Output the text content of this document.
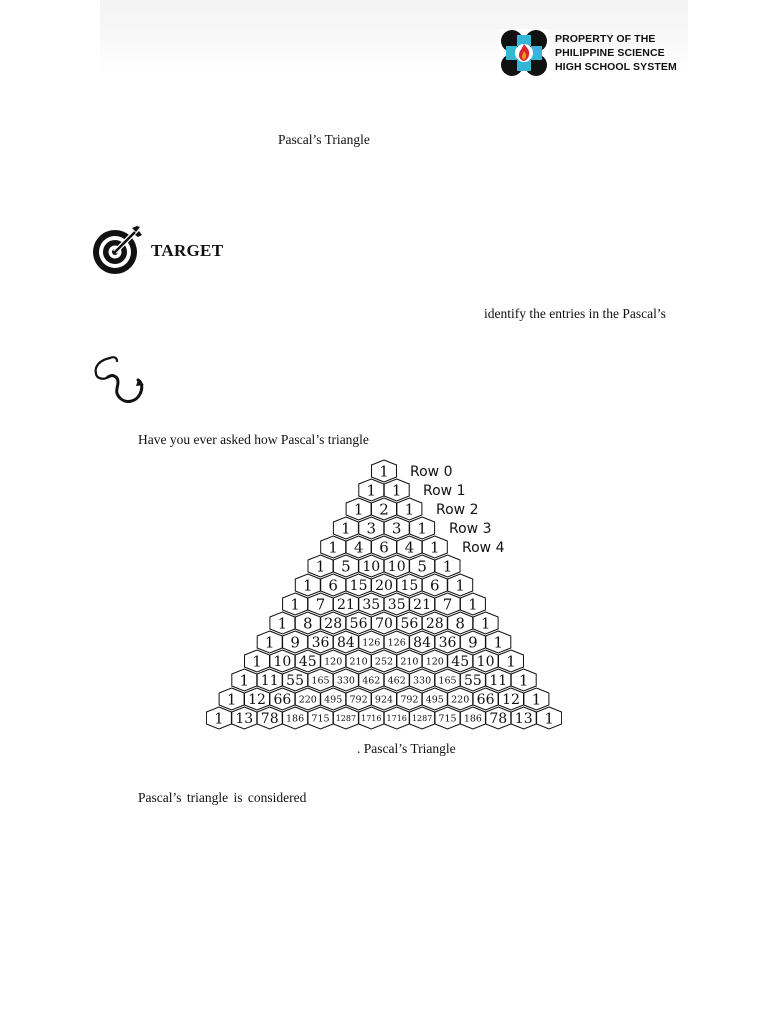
PROPERTY OF THE
PHILIPPINE SCIENCE
HIGH SCHOOL SYSTEM
Pascal’s Triangle
TARGET
identify the entries in the Pascal’s
Have you ever asked how Pascal’s triangle
1
1 1
1 2 1
1 3 3 1
1 4 6 4 1
1 5 10 10 5 1
1 6 15 20 15 6 1
1 7 21 35 35 21 7 1
1 8 28 56 70 56 28 8 1
1 9 36 84 126 126 84 36 9 1
1 10 45 120 210 252 210 120 45 10 1
1 11 55 165 330 462 462 330 165 55 11 1
1 12 66 220 495 792 924 792 495 220 66 12 1
1 13 78 186 715 1287 1716 1716 1287 715 186 78 13 1
Row 0
Row 1
Row 2
Row 3
Row 4
. Pascal’s Triangle
Pascal’s triangle is considered
